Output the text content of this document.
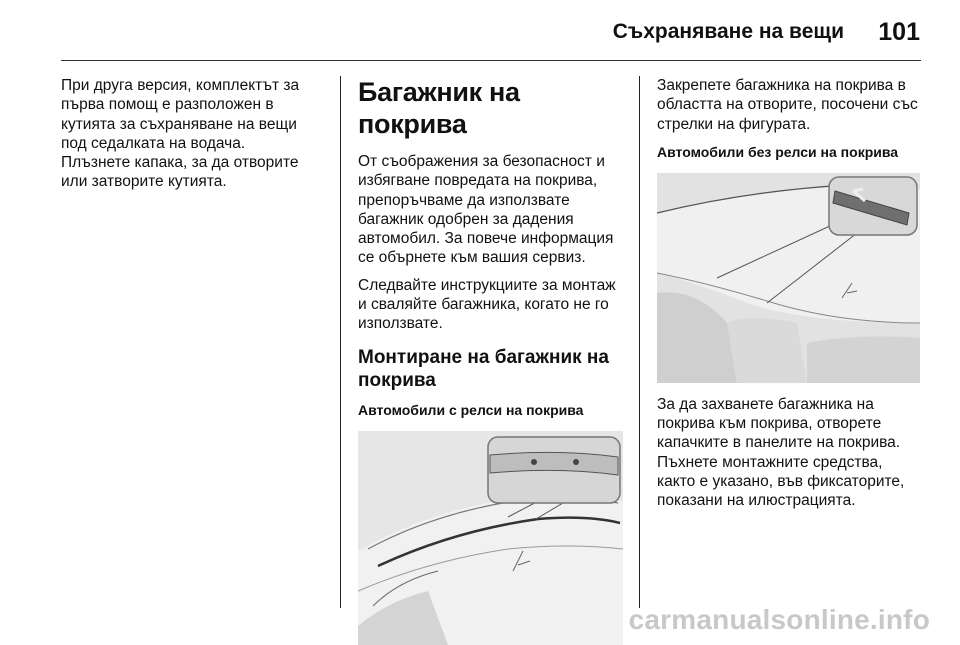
Съхраняване на вещи 101

При друга версия, комплектът за първа помощ е разположен в кутията за съхраняване на вещи под седалката на водача.

Плъзнете капака, за да отворите или затворите кутията.

Багажник на покрива

От съображения за безопасност и избягване повредата на покрива, препоръчваме да използвате багажник одобрен за дадения автомобил. За повече информация се обърнете към вашия сервиз.

Следвайте инструкциите за монтаж и сваляйте багажника, когато не го използвате.

Монтиране на багажник на покрива
Автомобили с релси на покрива

Закрепете багажника на покрива в областта на отворите, посочени със стрелки на фигурата.

Автомобили без релси на покрива

За да захванете багажника на покрива към покрива, отворете капачките в панелите на покрива. Пъхнете монтажните средства, както е указано, във фиксаторите, показани на илюстрацията.

carmanualsonline.info
